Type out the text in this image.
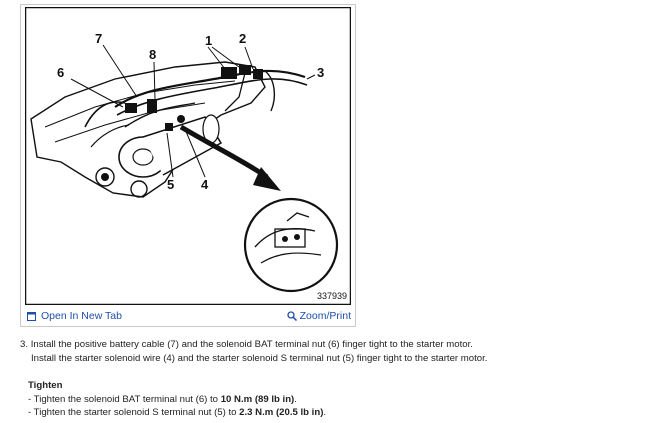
7
8
1 2
6	3
5 4
337939
Open In New Tab	Zoom/Print

3. Install the positive battery cable (7) and the solenoid BAT terminal nut (6) finger tight to the starter motor.

Install the starter solenoid wire (4) and the starter solenoid S terminal nut (5) finger tight to the starter motor.

Tighten

- Tighten the solenoid BAT terminal nut (6) to 10 N.m (89 lb in).

- Tighten the starter solenoid S terminal nut (5) to 2.3 N.m (20.5 lb in).
